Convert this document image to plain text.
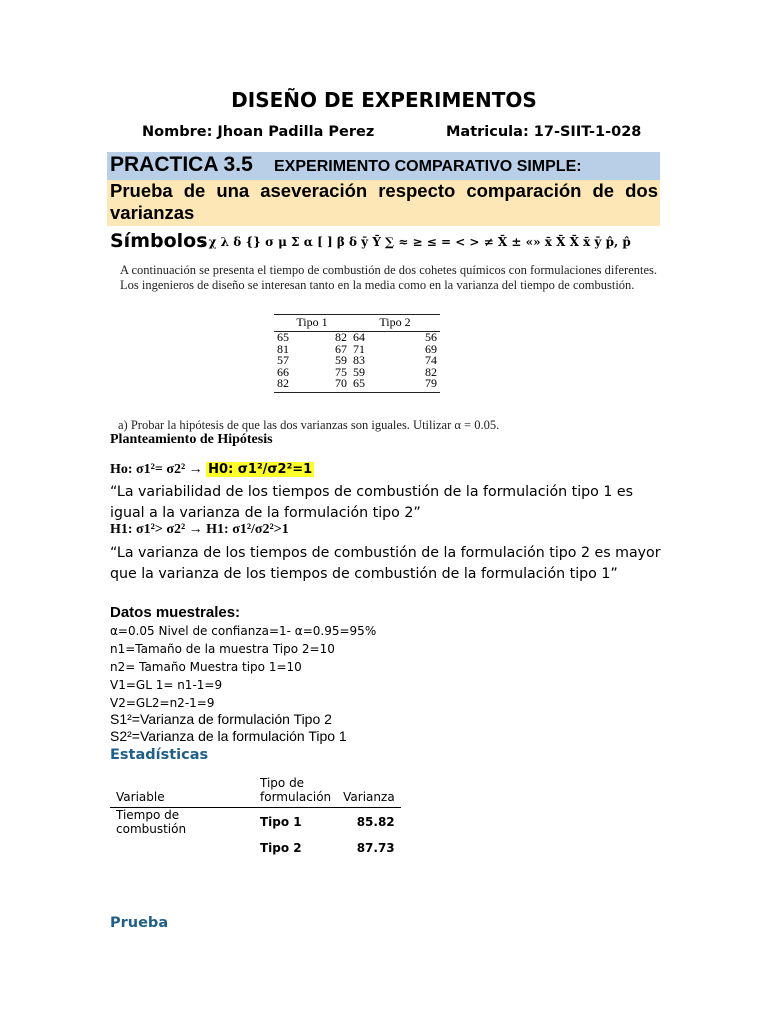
DISEÑO DE EXPERIMENTOS
Nombre: Jhoan Padilla Perez	Matricula: 17-SIIT-1-028
PRACTICA 3.5 EXPERIMENTO COMPARATIVO SIMPLE:
Prueba de una aseveración respecto comparación de dos varianzas
Símbolos
: χ λ δ {} σ μ Σ α [ ] β δ ȳ Ȳ ∑ ≈ ≥ ≤ = < > ≠ X̄ ± «» x̄ X̄ X̄ x̄ ȳ p̂, p̂
A continuación se presenta el tiempo de combustión de dos cohetes químicos con formulaciones diferentes.
Los ingenieros de diseño se interesan tanto en la media como en la varianza del tiempo de combustión.
Tipo 1		Tipo 2	
65	82	64	56
81	67	71	69
57	59	83	74
66	75	59	82
82	70	65	79
a) Probar la hipótesis de que las dos varianzas son iguales. Utilizar α = 0.05.
Planteamiento de Hipótesis
Ho: σ1²= σ2² → H0: σ1²/σ2²=1
“La variabilidad de los tiempos de combustión de la formulación tipo 1 es igual a la varianza de la formulación tipo 2”
H1: σ1²> σ2² → H1: σ1²/σ2²>1
“La varianza de los tiempos de combustión de la formulación tipo 2 es mayor que la varianza de los tiempos de combustión de la formulación tipo 1”
Datos muestrales:
α=0.05 Nivel de confianza=1- α=0.95=95%
n1=Tamaño de la muestra Tipo 2=10
n2= Tamaño Muestra tipo 1=10
V1=GL 1= n1-1=9
V2=GL2=n2-1=9
S1²=Varianza de formulación Tipo 2
S2²=Varianza de la formulación Tipo 1
Estadísticas
Variable	Tipo de formulación	Varianza
Tiempo de combustión	Tipo 1	85.82
	Tipo 2	87.73
Prueba
